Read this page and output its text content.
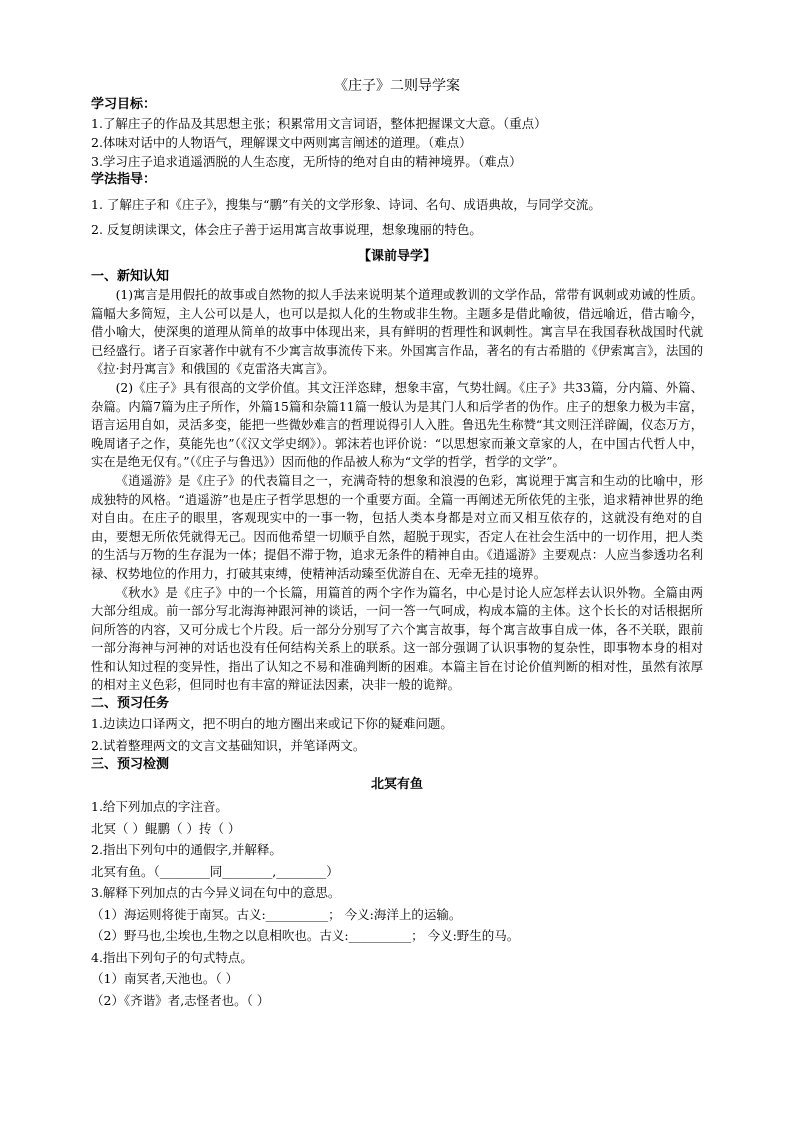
《庄子》二则导学案
学习目标：
1.了解庄子的作品及其思想主张；积累常用文言词语，整体把握课文大意。（重点）
2.体味对话中的人物语气，理解课文中两则寓言阐述的道理。（难点）
3.学习庄子追求逍遥洒脱的人生态度，无所恃的绝对自由的精神境界。（难点）
学法指导：
1. 了解庄子和《庄子》，搜集与“鹏”有关的文学形象、诗词、名句、成语典故，与同学交流。
2. 反复朗读课文，体会庄子善于运用寓言故事说理，想象瑰丽的特色。
【课前导学】
一、新知认知

(1)寓言是用假托的故事或自然物的拟人手法来说明某个道理或教训的文学作品，常带有讽刺或劝诫的性质。篇幅大多简短，主人公可以是人，也可以是拟人化的生物或非生物。主题多是借此喻彼，借远喻近，借古喻今，借小喻大，使深奥的道理从简单的故事中体现出来，具有鲜明的哲理性和讽刺性。寓言早在我国春秋战国时代就已经盛行。诸子百家著作中就有不少寓言故事流传下来。外国寓言作品，著名的有古希腊的《伊索寓言》，法国的《拉·封丹寓言》和俄国的《克雷洛夫寓言》。

(2)《庄子》具有很高的文学价值。其文汪洋恣肆，想象丰富，气势壮阔。《庄子》共33篇，分内篇、外篇、杂篇。内篇7篇为庄子所作，外篇15篇和杂篇11篇一般认为是其门人和后学者的伪作。庄子的想象力极为丰富，语言运用自如，灵活多变，能把一些微妙难言的哲理说得引人入胜。鲁迅先生称赞“其文则汪洋辟阖，仪态万方，晚周诸子之作，莫能先也”（《汉文学史纲》）。郭沫若也评价说：“以思想家而兼文章家的人，在中国古代哲人中，实在是绝无仅有。”（《庄子与鲁迅》）因而他的作品被人称为“文学的哲学，哲学的文学”。

《逍遥游》是《庄子》的代表篇目之一，充满奇特的想象和浪漫的色彩，寓说理于寓言和生动的比喻中，形成独特的风格。“逍遥游”也是庄子哲学思想的一个重要方面。全篇一再阐述无所依凭的主张，追求精神世界的绝对自由。在庄子的眼里，客观现实中的一事一物，包括人类本身都是对立而又相互依存的，这就没有绝对的自由，要想无所依凭就得无己。因而他希望一切顺乎自然，超脱于现实，否定人在社会生活中的一切作用，把人类的生活与万物的生存混为一体；提倡不滞于物，追求无条件的精神自由。《逍遥游》主要观点：人应当参透功名利禄、权势地位的作用力，打破其束缚，使精神活动臻至优游自在、无牵无挂的境界。

《秋水》是《庄子》中的一个长篇，用篇首的两个字作为篇名，中心是讨论人应怎样去认识外物。全篇由两大部分组成。前一部分写北海海神跟河神的谈话，一问一答一气呵成，构成本篇的主体。这个长长的对话根据所问所答的内容，又可分成七个片段。后一部分分别写了六个寓言故事，每个寓言故事自成一体，各不关联，跟前一部分海神与河神的对话也没有任何结构关系上的联系。这一部分强调了认识事物的复杂性，即事物本身的相对性和认知过程的变异性，指出了认知之不易和准确判断的困难。本篇主旨在讨论价值判断的相对性，虽然有浓厚的相对主义色彩，但同时也有丰富的辩证法因素，决非一般的诡辩。

二、预习任务
1.边读边口译两文，把不明白的地方圈出来或记下你的疑难问题。
2.试着整理两文的文言文基础知识，并笔译两文。
三、预习检测
北冥有鱼
1.给下列加点的字注音。
北冥（ ）鲲鹏（ ）抟（ ）
2.指出下列句中的通假字,并解释。
北冥有鱼。（________同________,________）
3.解释下列加点的古今异义词在句中的意思。
（1）海运则将徙于南冥。古义:__________； 今义:海洋上的运输。
（2）野马也,尘埃也,生物之以息相吹也。古义:__________； 今义:野生的马。
4.指出下列句子的句式特点。
（1）南冥者,天池也。（ ）
（2）《齐谐》者,志怪者也。（ ）
